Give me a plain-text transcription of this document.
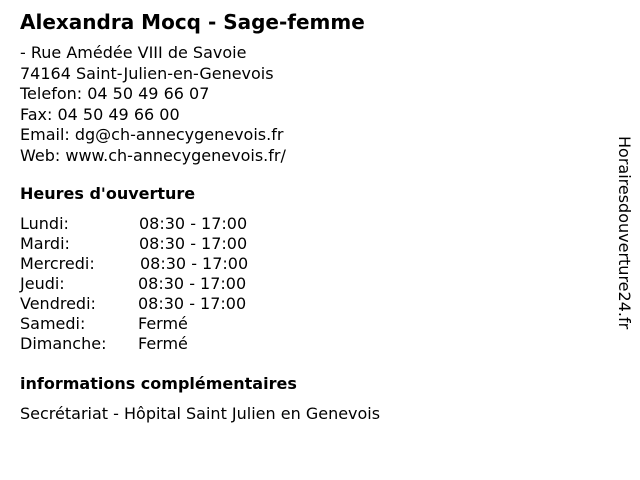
Alexandra Mocq - Sage-femme
- Rue Amédée VIII de Savoie
74164 Saint-Julien-en-Genevois
Telefon: 04 50 49 66 07
Fax: 04 50 49 66 00
Email: dg@ch-annecygenevois.fr
Web: www.ch-annecygenevois.fr/
Heures d'ouverture
Lundi:	08:30 - 17:00
Mardi:	08:30 - 17:00
Mercredi:	08:30 - 17:00
Jeudi:	08:30 - 17:00
Vendredi:	08:30 - 17:00
Samedi:	Fermé
Dimanche: Fermé
informations complémentaires
Secrétariat - Hôpital Saint Julien en Genevois
Horairesdouverture24.fr
